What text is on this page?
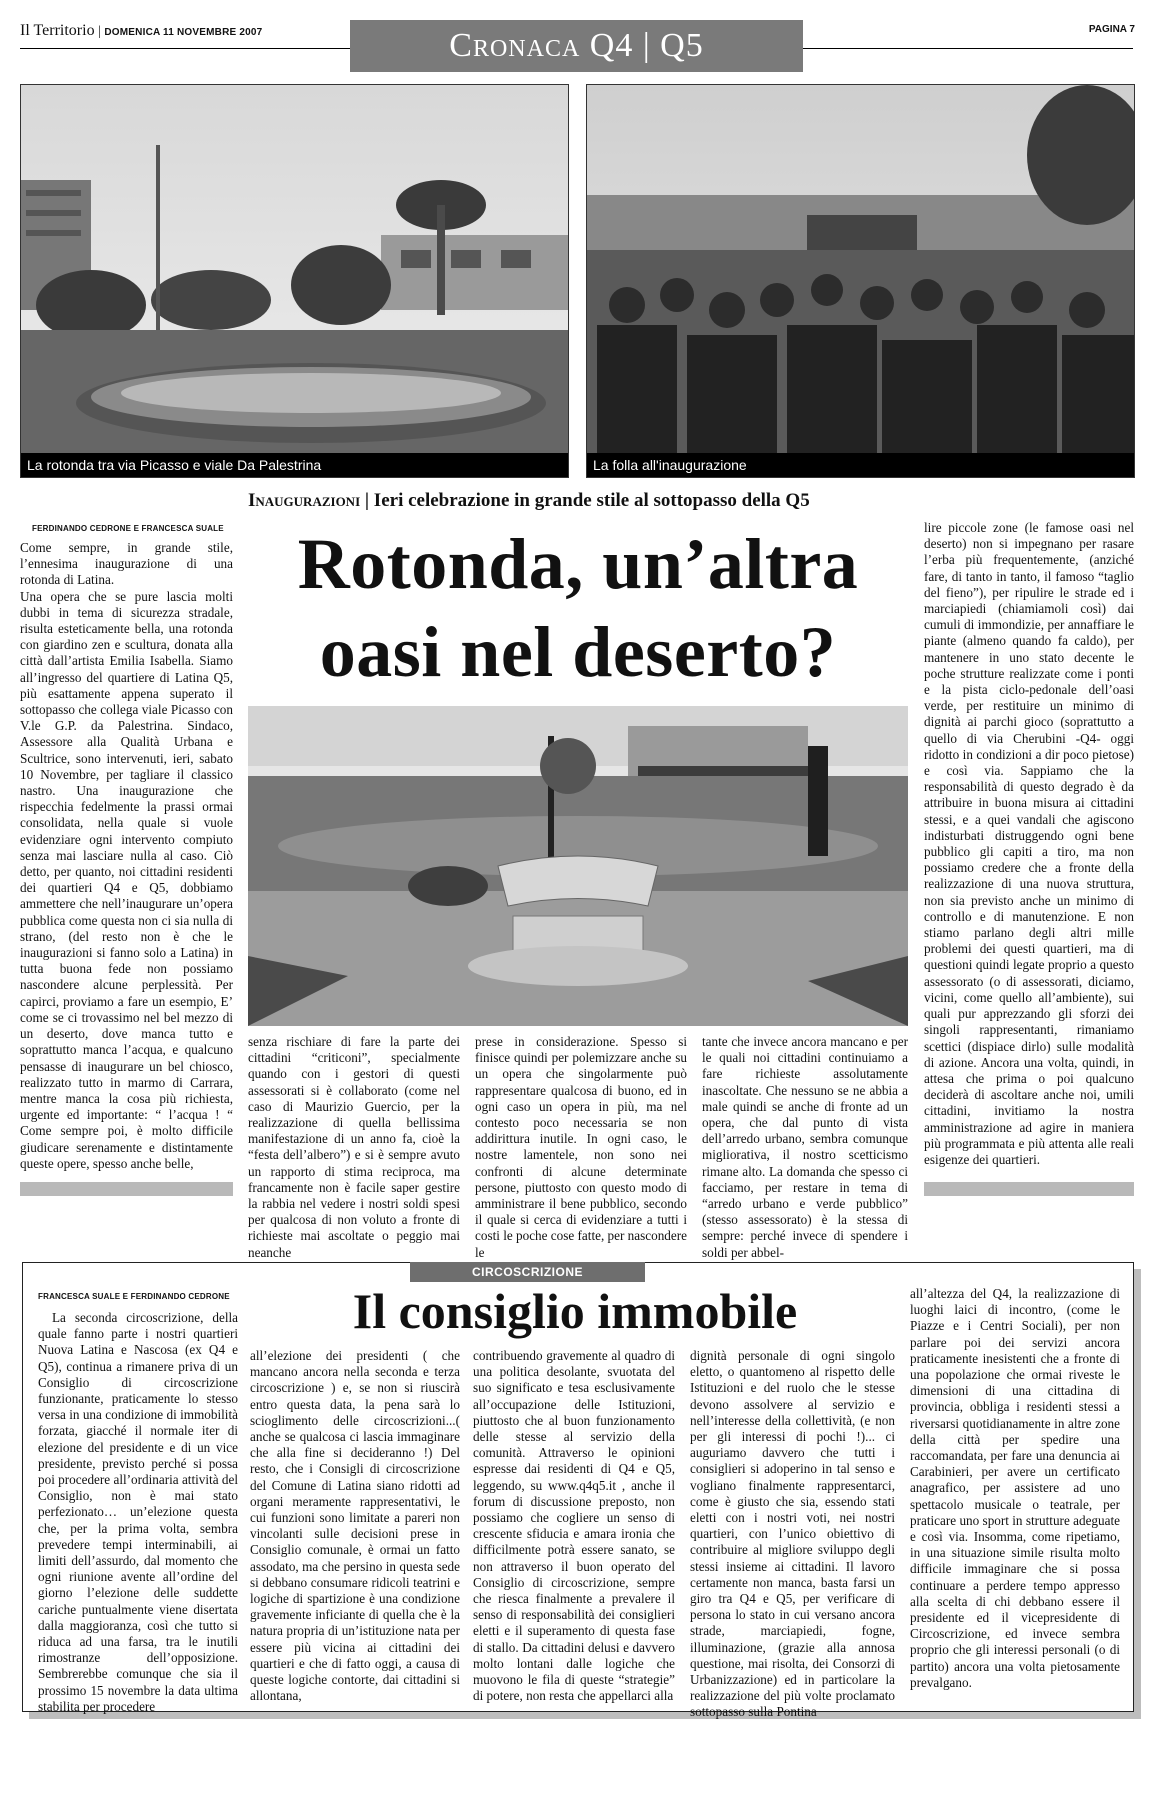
Il Territorio | DOMENICA 11 NOVEMBRE 2007	Cronaca Q4 | Q5	PAGINA 7
La rotonda tra via Picasso e viale Da Palestrina	La folla all'inaugurazione
Inaugurazioni | Ieri celebrazione in grande stile al sottopasso della Q5
FERDINANDO CEDRONE E FRANCESCA SUALE	Rotonda, un’altra oasi nel deserto?
Come sempre, in grande stile, l’ennesima inaugurazione di una rotonda di Latina.
Una opera che se pure lascia molti dubbi in tema di sicurezza stradale, risulta esteticamente bella, una rotonda con giardino zen e scultura, donata alla città dall’artista Emilia Isabella. Siamo all’ingresso del quartiere di Latina Q5, più esattamente appena superato il sottopasso che collega viale Picasso con V.le G.P. da Palestrina. Sindaco, Assessore alla Qualità Urbana e Scultrice, sono intervenuti, ieri, sabato 10 Novembre, per tagliare il classico nastro. Una inaugurazione che rispecchia fedelmente la prassi ormai consolidata, nella quale si vuole evidenziare ogni intervento compiuto senza mai lasciare nulla al caso. Ciò detto, per quanto, noi cittadini residenti dei quartieri Q4 e Q5, dobbiamo ammettere che nell’inaugurare un’opera pubblica come questa non ci sia nulla di strano, (del resto non è che le inaugurazioni si fanno solo a Latina) in tutta buona fede non possiamo nascondere alcune perplessità. Per capirci, proviamo a fare un esempio, E’ come se ci trovassimo nel bel mezzo di un deserto, dove manca tutto e soprattutto manca l’acqua, e qualcuno pensasse di inaugurare un bel chiosco, realizzato tutto in marmo di Carrara, mentre manca la cosa più richiesta, urgente ed importante: “ l’acqua ! “ Come sempre poi, è molto difficile giudicare serenamente e distintamente queste opere, spesso anche belle,
senza rischiare di fare la parte dei cittadini “criticoni”, specialmente quando con i gestori di questi assessorati si è collaborato (come nel caso di Maurizio Guercio, per la realizzazione di quella bellissima manifestazione di un anno fa, cioè la “festa dell’albero”) e si è sempre avuto un rapporto di stima reciproca, ma francamente non è facile saper gestire la rabbia nel vedere i nostri soldi spesi per qualcosa di non voluto a fronte di richieste mai ascoltate o peggio mai neanche
prese in considerazione. Spesso si finisce quindi per polemizzare anche su un opera che singolarmente può rappresentare qualcosa di buono, ed in ogni caso un opera in più, ma nel contesto poco necessaria se non addirittura inutile. In ogni caso, le nostre lamentele, non sono nei confronti di alcune determinate persone, piuttosto con questo modo di amministrare il bene pubblico, secondo il quale si cerca di evidenziare a tutti i costi le poche cose fatte, per nascondere le
tante che invece ancora mancano e per le quali noi cittadini continuiamo a fare richieste assolutamente inascoltate. Che nessuno se ne abbia a male quindi se anche di fronte ad un opera, che dal punto di vista dell’arredo urbano, sembra comunque migliorativa, il nostro scetticismo rimane alto. La domanda che spesso ci facciamo, per restare in tema di “arredo urbano e verde pubblico” (stesso assessorato) è la stessa di sempre: perché invece di spendere i soldi per abbel-
lire piccole zone (le famose oasi nel deserto) non si impegnano per rasare l’erba più frequentemente, (anziché fare, di tanto in tanto, il famoso “taglio del fieno”), per ripulire le strade ed i marciapiedi (chiamiamoli così) dai cumuli di immondizie, per annaffiare le piante (almeno quando fa caldo), per mantenere in uno stato decente le poche strutture realizzate come i ponti e la pista ciclo-pedonale dell’oasi verde, per restituire un minimo di dignità ai parchi gioco (soprattutto a quello di via Cherubini -Q4- oggi ridotto in condizioni a dir poco pietose) e così via. Sappiamo che la responsabilità di questo degrado è da attribuire in buona misura ai cittadini stessi, e a quei vandali che agiscono indisturbati distruggendo ogni bene pubblico gli capiti a tiro, ma non possiamo credere che a fronte della realizzazione di una nuova struttura, non sia previsto anche un minimo di controllo e di manutenzione. E non stiamo parlano degli altri mille problemi dei questi quartieri, ma di questioni quindi legate proprio a questo assessorato (o di assessorati, diciamo, vicini, come quello all’ambiente), sui quali pur apprezzando gli sforzi dei singoli rappresentanti, rimaniamo scettici (dispiace dirlo) sulle modalità di azione. Ancora una volta, quindi, in attesa che prima o poi qualcuno deciderà di ascoltare anche noi, umili cittadini, invitiamo la nostra amministrazione ad agire in maniera più programmata e più attenta alle reali esigenze dei quartieri.
CIRCOSCRIZIONE
Il consiglio immobile
FRANCESCA SUALE E FERDINANDO CEDRONE
La seconda circoscrizione, della quale fanno parte i nostri quartieri Nuova Latina e Nascosa (ex Q4 e Q5), continua a rimanere priva di un Consiglio di circoscrizione funzionante, praticamente lo stesso versa in una condizione di immobilità forzata, giacché il normale iter di elezione del presidente e di un vice presidente, previsto perché si possa poi procedere all’ordinaria attività del Consiglio, non è mai stato perfezionato… un’elezione questa che, per la prima volta, sembra prevedere tempi interminabili, ai limiti dell’assurdo, dal momento che ogni riunione avente all’ordine del giorno l’elezione delle suddette cariche puntualmente viene disertata dalla maggioranza, così che tutto si riduca ad una farsa, tra le inutili rimostranze dell’opposizione. Sembrerebbe comunque che sia il prossimo 15 novembre la data ultima stabilita per procedere
all’elezione dei presidenti ( che mancano ancora nella seconda e terza circoscrizione ) e, se non si riuscirà entro questa data, la pena sarà lo scioglimento delle circoscrizioni...( anche se qualcosa ci lascia immaginare che alla fine si decideranno !) Del resto, che i Consigli di circoscrizione del Comune di Latina siano ridotti ad organi meramente rappresentativi, le cui funzioni sono limitate a pareri non vincolanti sulle decisioni prese in Consiglio comunale, è ormai un fatto assodato, ma che persino in questa sede si debbano consumare ridicoli teatrini e logiche di spartizione è una condizione gravemente inficiante di quella che è la natura propria di un’istituzione nata per essere più vicina ai cittadini dei quartieri e che di fatto oggi, a causa di queste logiche contorte, dai cittadini si allontana,
contribuendo gravemente al quadro di una politica desolante, svuotata del suo significato e tesa esclusivamente all’occupazione delle Istituzioni, piuttosto che al buon funzionamento delle stesse al servizio della comunità. Attraverso le opinioni espresse dai residenti di Q4 e Q5, leggendo, su www.q4q5.it , anche il forum di discussione preposto, non possiamo che cogliere un senso di crescente sfiducia e amara ironia che difficilmente potrà essere sanato, se non attraverso il buon operato del Consiglio di circoscrizione, sempre che riesca finalmente a prevalere il senso di responsabilità dei consiglieri eletti e il superamento di questa fase di stallo. Da cittadini delusi e davvero molto lontani dalle logiche che muovono le fila di queste “strategie” di potere, non resta che appellarci alla
dignità personale di ogni singolo eletto, o quantomeno al rispetto delle Istituzioni e del ruolo che le stesse devono assolvere al servizio e nell’interesse della collettività, (e non per gli interessi di pochi !)... ci auguriamo davvero che tutti i consiglieri si adoperino in tal senso e vogliano finalmente rappresentarci, come è giusto che sia, essendo stati eletti con i nostri voti, nei nostri quartieri, con l’unico obiettivo di contribuire al migliore sviluppo degli stessi insieme ai cittadini. Il lavoro certamente non manca, basta farsi un giro tra Q4 e Q5, per verificare di persona lo stato in cui versano ancora strade, marciapiedi, fogne, illuminazione, (grazie alla annosa questione, mai risolta, dei Consorzi di Urbanizzazione) ed in particolare la realizzazione del più volte proclamato sottopasso sulla Pontina
all’altezza del Q4, la realizzazione di luoghi laici di incontro, (come le Piazze e i Centri Sociali), per non parlare poi dei servizi ancora praticamente inesistenti che a fronte di una popolazione che ormai riveste le dimensioni di una cittadina di provincia, obbliga i residenti stessi a riversarsi quotidianamente in altre zone della città per spedire una raccomandata, per fare una denuncia ai Carabinieri, per avere un certificato anagrafico, per assistere ad uno spettacolo musicale o teatrale, per praticare uno sport in strutture adeguate e così via. Insomma, come ripetiamo, in una situazione simile risulta molto difficile immaginare che si possa continuare a perdere tempo appresso alla scelta di chi debbano essere il presidente ed il vicepresidente di Circoscrizione, ed invece sembra proprio che gli interessi personali (o di partito) ancora una volta pietosamente prevalgano.
